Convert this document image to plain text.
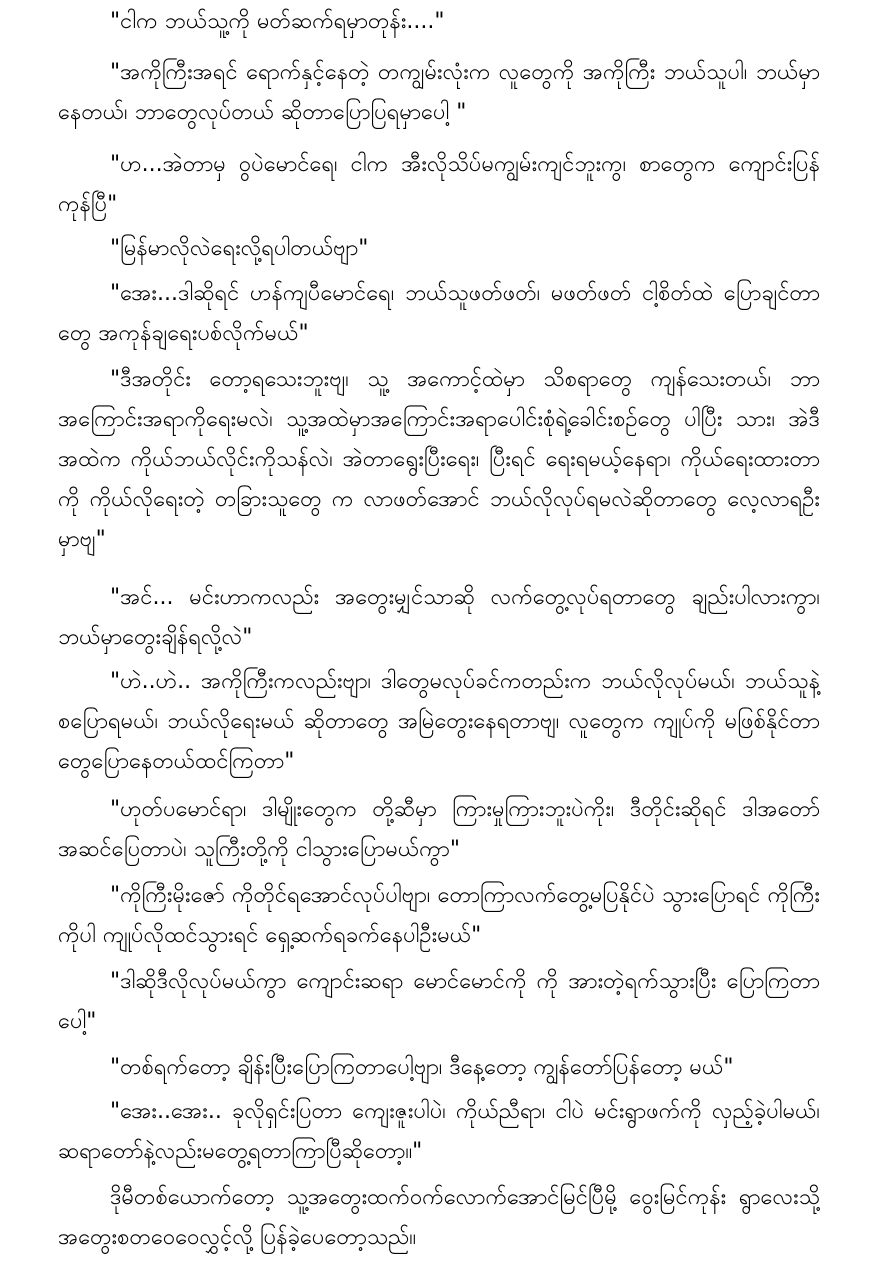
"ငါက ဘယ်သူ့ကို မတ်ဆက်ရမှာတုန်း...."

"အကိုကြီးအရင် ရောက်နှင့်နေတဲ့ တကျွမ်းလုံးက လူတွေကို အကိုကြီး ဘယ်သူပါ၊ ဘယ်မှာနေတယ်၊ ဘာတွေလုပ်တယ် ဆိုတာပြောပြရမှာပေါ့ "

"ဟ...အဲတာမှ ဝွပဲမောင်ရေ၊ ငါက အီးလိုသိပ်မကျွမ်းကျင်ဘူးကွ၊ စာတွေက ကျောင်းပြန်ကုန်ပြီ"

"မြန်မာလိုလဲရေးလို့ရပါတယ်ဗျာ"

"အေး...ဒါဆိုရင် ဟန်ကျပီမောင်ရေ၊ ဘယ်သူဖတ်ဖတ်၊ မဖတ်ဖတ် ငါ့စိတ်ထဲ ပြောချင်တာတွေ အကုန်ချရေးပစ်လိုက်မယ်"

"ဒီအတိုင်း တော့ရသေးဘူးဗျ၊ သူ့ အကောင့်ထဲမှာ သိစရာတွေ ကျန်သေးတယ်၊ ဘာအကြောင်းအရာကိုရေးမလဲ၊ သူ့အထဲမှာအကြောင်းအရာပေါင်းစုံရဲ့ခေါင်းစဉ်တွေ ပါပြီး သား၊ အဲဒီအထဲက ကိုယ်ဘယ်လိုင်းကိုသန်လဲ၊ အဲတာရွေးပြီးရေး၊ ပြီးရင် ရေးရမယ့်နေရာ၊ ကိုယ်ရေးထားတာကို ကိုယ်လိုရေးတဲ့ တခြားသူတွေ က လာဖတ်အောင် ဘယ်လိုလုပ်ရမလဲဆိုတာတွေ လေ့လာရဦးမှာဗျ"

"အင်... မင်းဟာကလည်း အတွေးမျှင်သာဆို လက်တွေ့လုပ်ရတာတွေ ချည်းပါလားကွာ၊ ဘယ်မှာတွေးချိန်ရလို့လဲ"

"ဟဲ..ဟဲ.. အကိုကြီးကလည်းဗျာ၊ ဒါတွေမလုပ်ခင်ကတည်းက ဘယ်လိုလုပ်မယ်၊ ဘယ်သူနဲ့ စပြောရမယ်၊ ဘယ်လိုရေးမယ် ဆိုတာတွေ အမြဲတွေးနေရတာဗျ၊ လူတွေက ကျုပ်ကို မဖြစ်နိုင်တာတွေပြောနေတယ်ထင်ကြတာ"

"ဟုတ်ပမောင်ရာ၊ ဒါမျိုးတွေက တို့ဆီမှာ ကြားမှုကြားဘူးပဲကိုး၊ ဒီတိုင်းဆိုရင် ဒါအတော် အဆင်ပြေတာပဲ၊ သူကြီးတို့ကို ငါသွားပြောမယ်ကွာ"

"ကိုကြီးမိုးဇော် ကိုတိုင်ရအောင်လုပ်ပါဗျာ၊ တောကြာလက်တွေ့မပြနိုင်ပဲ သွားပြောရင် ကိုကြီးကိုပါ ကျုပ်လိုထင်သွားရင် ရှေ့ဆက်ရခက်နေပါဦးမယ်"

"ဒါဆိုဒီလိုလုပ်မယ်ကွာ ကျောင်းဆရာ မောင်မောင်ကို ကို အားတဲ့ရက်သွားပြီး ပြောကြတာပေါ့"

"တစ်ရက်တော့ ချိန်းပြီးပြောကြတာပေါ့ဗျာ၊ ဒီနေ့တော့ ကျွန်တော်ပြန်တော့ မယ်"

"အေး..အေး.. ခုလိုရှင်းပြတာ ကျေးဇူးပါပဲ၊ ကိုယ်ညီရာ၊ ငါပဲ မင်းရွာဖက်ကို လှည့်ခဲ့ပါမယ်၊ ဆရာတော်နဲ့လည်းမတွေ့ရတာကြာပြီဆိုတော့။"

ဒိုမီတစ်ယောက်တော့ သူ့အတွေးထက်ဝက်လောက်အောင်မြင်ပြီမို့ ဝွေးမြင်ကုန်း ရွာလေးသို့ အတွေးစတဝေဝေလွှင့်လို့ ပြန်ခဲ့ပေတော့သည်။
